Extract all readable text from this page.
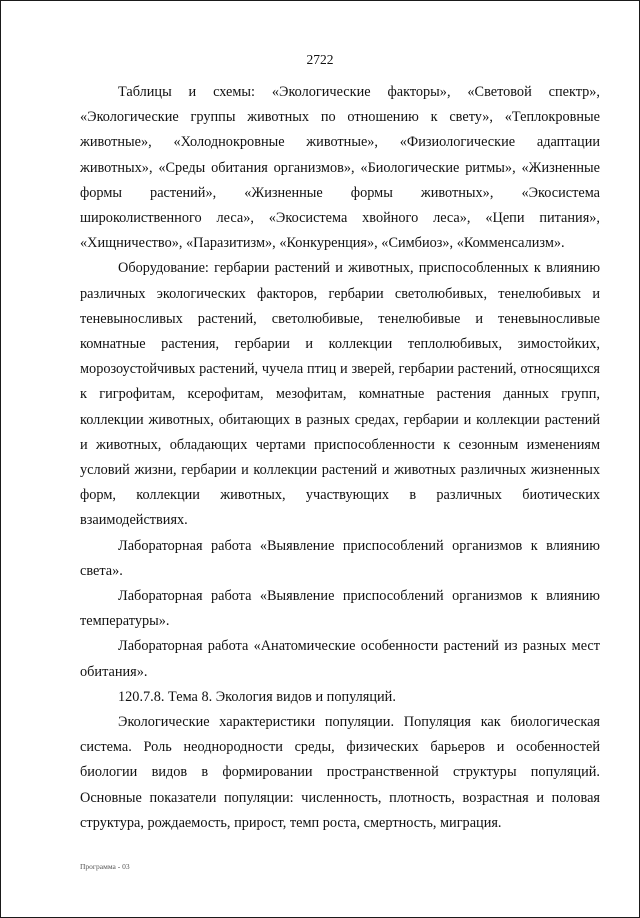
2722

Таблицы и схемы: «Экологические факторы», «Световой спектр», «Экологические группы животных по отношению к свету», «Теплокровные животные», «Холоднокровные животные», «Физиологические адаптации животных», «Среды обитания организмов», «Биологические ритмы», «Жизненные формы растений», «Жизненные формы животных», «Экосистема широколиственного леса», «Экосистема хвойного леса», «Цепи питания», «Хищничество», «Паразитизм», «Конкуренция», «Симбиоз», «Комменсализм».

Оборудование: гербарии растений и животных, приспособленных к влиянию различных экологических факторов, гербарии светолюбивых, тенелюбивых и теневыносливых растений, светолюбивые, тенелюбивые и теневыносливые комнатные растения, гербарии и коллекции теплолюбивых, зимостойких, морозоустойчивых растений, чучела птиц и зверей, гербарии растений, относящихся к гигрофитам, ксерофитам, мезофитам, комнатные растения данных групп, коллекции животных, обитающих в разных средах, гербарии и коллекции растений и животных, обладающих чертами приспособленности к сезонным изменениям условий жизни, гербарии и коллекции растений и животных различных жизненных форм, коллекции животных, участвующих в различных биотических взаимодействиях.

Лабораторная работа «Выявление приспособлений организмов к влиянию света».

Лабораторная работа «Выявление приспособлений организмов к влиянию температуры».

Лабораторная работа «Анатомические особенности растений из разных мест обитания».

120.7.8. Тема 8. Экология видов и популяций.

Экологические характеристики популяции. Популяция как биологическая система. Роль неоднородности среды, физических барьеров и особенностей биологии видов в формировании пространственной структуры популяций. Основные показатели популяции: численность, плотность, возрастная и половая структура, рождаемость, прирост, темп роста, смертность, миграция.

Программа - 03
